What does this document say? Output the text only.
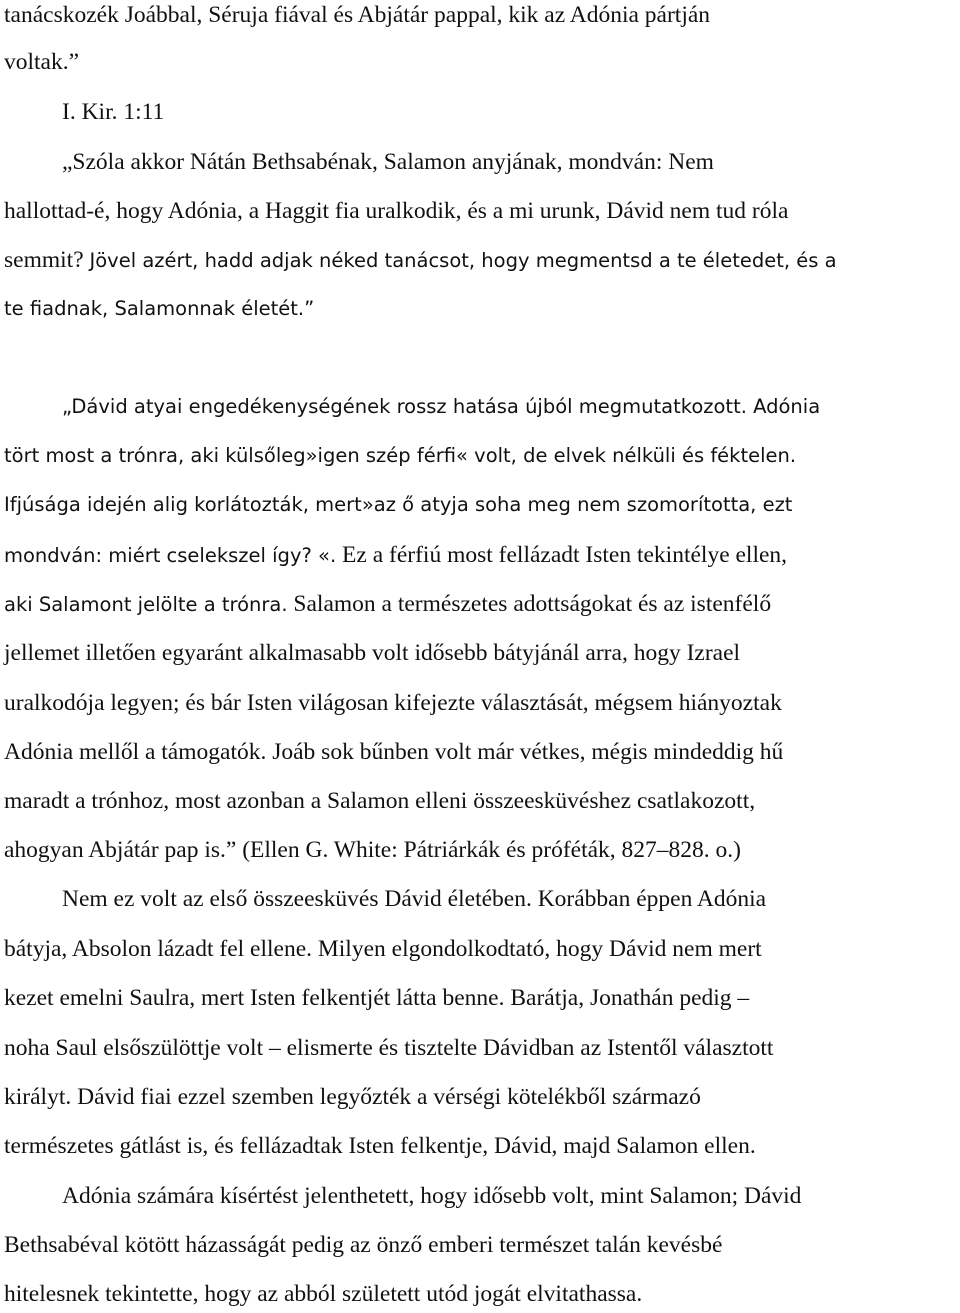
tanácskozék Joábbal, Séruja fiával és Abjátár pappal, kik az Adónia pártján
voltak.”
I. Kir. 1:11
„Szóla akkor Nátán Bethsabénak, Salamon anyjának, mondván: Nem
hallottad-é, hogy Adónia, a Haggit fia uralkodik, és a mi urunk, Dávid nem tud róla
semmit? Jövel azért, hadd adjak néked tanácsot, hogy megmentsd a te életedet, és a
te fiadnak, Salamonnak életét.”
„Dávid atyai engedékenységének rossz hatása újból megmutatkozott. Adónia
tört most a trónra, aki külsőleg»igen szép férfi« volt, de elvek nélküli és féktelen.
Ifjúsága idején alig korlátozták, mert»az ő atyja soha meg nem szomorította, ezt
mondván: miért cselekszel így? «. Ez a férfiú most fellázadt Isten tekintélye ellen,
aki Salamont jelölte a trónra. Salamon a természetes adottságokat és az istenfélő
jellemet illetően egyaránt alkalmasabb volt idősebb bátyjánál arra, hogy Izrael
uralkodója legyen; és bár Isten világosan kifejezte választását, mégsem hiányoztak
Adónia mellől a támogatók. Joáb sok bűnben volt már vétkes, mégis mindeddig hű
maradt a trónhoz, most azonban a Salamon elleni összeesküvéshez csatlakozott,
ahogyan Abjátár pap is.” (Ellen G. White: Pátriárkák és próféták, 827–828. o.)
Nem ez volt az első összeesküvés Dávid életében. Korábban éppen Adónia
bátyja, Absolon lázadt fel ellene. Milyen elgondolkodtató, hogy Dávid nem mert
kezet emelni Saulra, mert Isten felkentjét látta benne. Barátja, Jonathán pedig –
noha Saul elsőszülöttje volt – elismerte és tisztelte Dávidban az Istentől választott
királyt. Dávid fiai ezzel szemben legyőzték a vérségi kötelékből származó
természetes gátlást is, és fellázadtak Isten felkentje, Dávid, majd Salamon ellen.
Adónia számára kísértést jelenthetett, hogy idősebb volt, mint Salamon; Dávid
Bethsabéval kötött házasságát pedig az önző emberi természet talán kevésbé
hitelesnek tekintette, hogy az abból született utód jogát elvitathassa.
